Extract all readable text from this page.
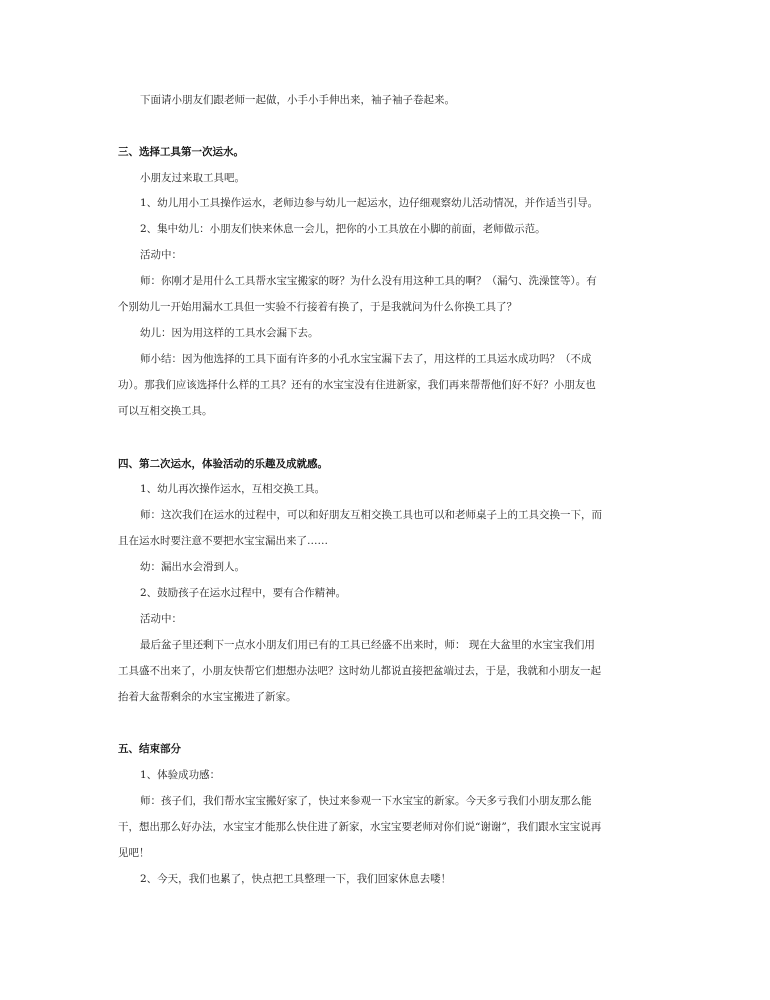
下面请小朋友们跟老师一起做，小手小手伸出来，袖子袖子卷起来。
三、选择工具第一次运水。
小朋友过来取工具吧。
1、幼儿用小工具操作运水，老师边参与幼儿一起运水，边仔细观察幼儿活动情况，并作适当引导。
2、集中幼儿：小朋友们快来休息一会儿，把你的小工具放在小脚的前面，老师做示范。
活动中：
师：你刚才是用什么工具帮水宝宝搬家的呀？为什么没有用这种工具的啊？（漏勺、洗澡筐等）。有
个别幼儿一开始用漏水工具但一实验不行接着有换了，于是我就问为什么你换工具了？
幼儿：因为用这样的工具水会漏下去。
师小结：因为他选择的工具下面有许多的小孔水宝宝漏下去了，用这样的工具运水成功吗？（不成
功）。那我们应该选择什么样的工具？还有的水宝宝没有住进新家，我们再来帮帮他们好不好？小朋友也
可以互相交换工具。
四、第二次运水，体验活动的乐趣及成就感。
1、幼儿再次操作运水，互相交换工具。
师：这次我们在运水的过程中，可以和好朋友互相交换工具也可以和老师桌子上的工具交换一下，而
且在运水时要注意不要把水宝宝漏出来了……
幼：漏出水会滑到人。
2、鼓励孩子在运水过程中，要有合作精神。
活动中：
最后盆子里还剩下一点水小朋友们用已有的工具已经盛不出来时，师： 现在大盆里的水宝宝我们用
工具盛不出来了，小朋友快帮它们想想办法吧？这时幼儿都说直接把盆端过去，于是，我就和小朋友一起
抬着大盆帮剩余的水宝宝搬进了新家。
五、结束部分
1、体验成功感：
师：孩子们，我们帮水宝宝搬好家了，快过来参观一下水宝宝的新家。今天多亏我们小朋友那么能
干，想出那么好办法，水宝宝才能那么快住进了新家，水宝宝要老师对你们说“谢谢”，我们跟水宝宝说再
见吧！
2、今天，我们也累了，快点把工具整理一下，我们回家休息去喽！
